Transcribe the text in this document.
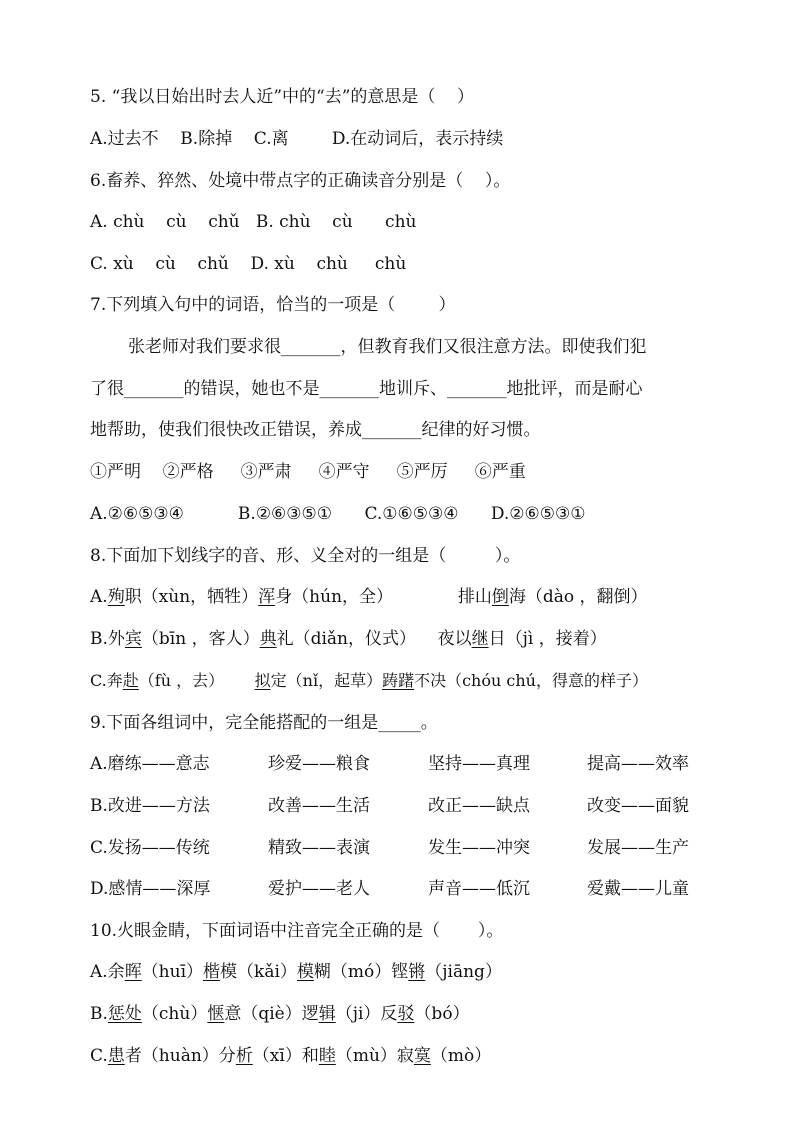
5. “我以日始出时去人近”中的“去”的意思是（    ）
A.过去不    B.除掉    C.离        D.在动词后，表示持续
6.畜养、猝然、处境中带点字的正确读音分别是（    ）。
A. chù    cù    chǔ   B. chù    cù      chù
C. xù    cù    chǔ    D. xù    chù     chù
7.下列填入句中的词语，恰当的一项是（        ）
张老师对我们要求很_______，但教育我们又很注意方法。即使我们犯
了很_______的错误，她也不是_______地训斥、_______地批评，而是耐心
地帮助，使我们很快改正错误，养成_______纪律的好习惯。
①严明    ②严格     ③严肃     ④严守     ⑤严厉     ⑥严重
A.②⑥⑤③④          B.②⑥③⑤①      C.①⑥⑤③④      D.②⑥⑤③①
8.下面加下划线字的音、形、义全对的一组是（         ）。
A.殉职（xùn，牺牲）浑身（hún，全）            排山倒海（dào ，翻倒）
B.外宾（bīn ，客人）典礼（diǎn，仪式）    夜以继日（jì ，接着）
C.奔赴（fù ，去）      拟定（nǐ，起草）踌躇不决（chóu chú，得意的样子）
9.下面各组词中，完全能搭配的一组是_____。
A.磨练——意志	珍爱——粮食	坚持——真理	提高——效率
B.改进——方法	改善——生活	改正——缺点	改变——面貌
C.发扬——传统	精致——表演	发生——冲突	发展——生产
D.感情——深厚	爱护——老人	声音——低沉	爱戴——儿童
10.火眼金睛，下面词语中注音完全正确的是（       ）。
A.余晖（huī）楷模（kǎi）模糊（mó）铿锵（jiāng）
B.惩处（chù）惬意（qiè）逻辑（ji）反驳（bó）
C.患者（huàn）分析（xī）和睦（mù）寂寞（mò）
